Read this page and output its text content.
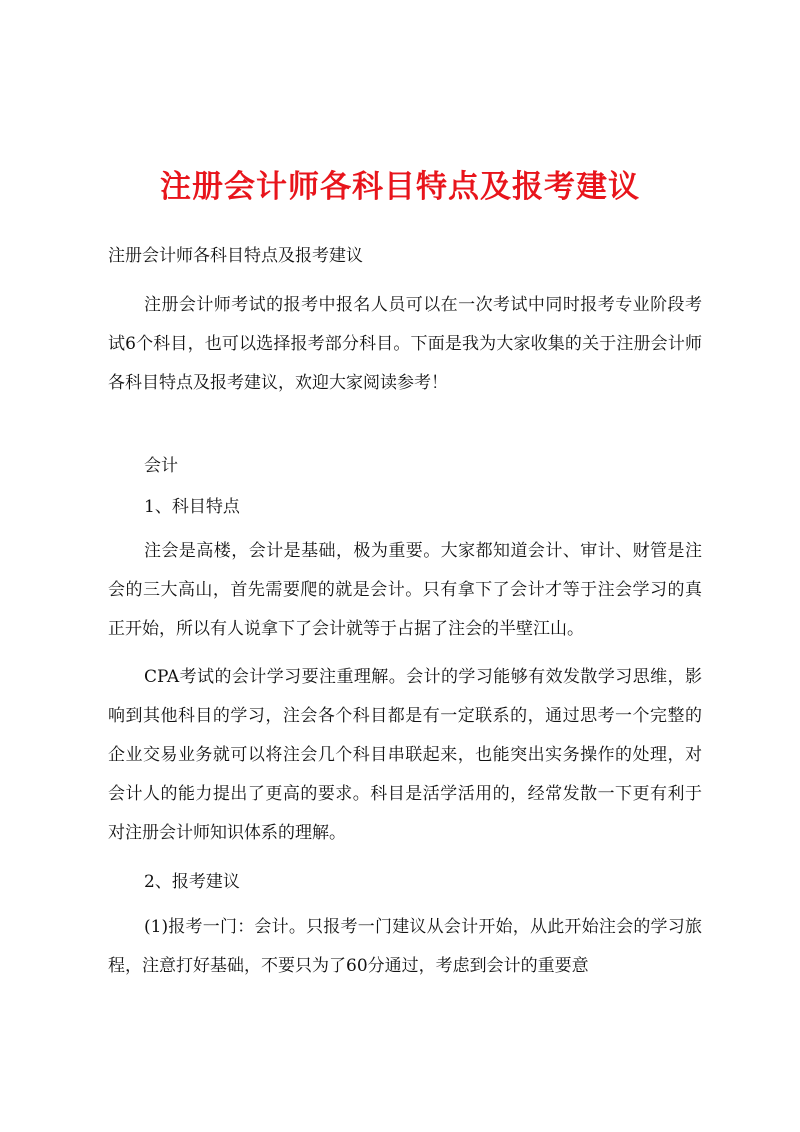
注册会计师各科目特点及报考建议
注册会计师各科目特点及报考建议
注册会计师考试的报考中报名人员可以在一次考试中同时报考专业阶段考试6个科目，也可以选择报考部分科目。下面是我为大家收集的关于注册会计师各科目特点及报考建议，欢迎大家阅读参考！
会计
1、科目特点
注会是高楼，会计是基础，极为重要。大家都知道会计、审计、财管是注会的三大高山，首先需要爬的就是会计。只有拿下了会计才等于注会学习的真正开始，所以有人说拿下了会计就等于占据了注会的半壁江山。
CPA考试的会计学习要注重理解。会计的学习能够有效发散学习思维，影响到其他科目的学习，注会各个科目都是有一定联系的，通过思考一个完整的企业交易业务就可以将注会几个科目串联起来，也能突出实务操作的处理，对会计人的能力提出了更高的要求。科目是活学活用的，经常发散一下更有利于对注册会计师知识体系的理解。
2、报考建议
(1)报考一门：会计。只报考一门建议从会计开始，从此开始注会的学习旅程，注意打好基础，不要只为了60分通过，考虑到会计的重要意
